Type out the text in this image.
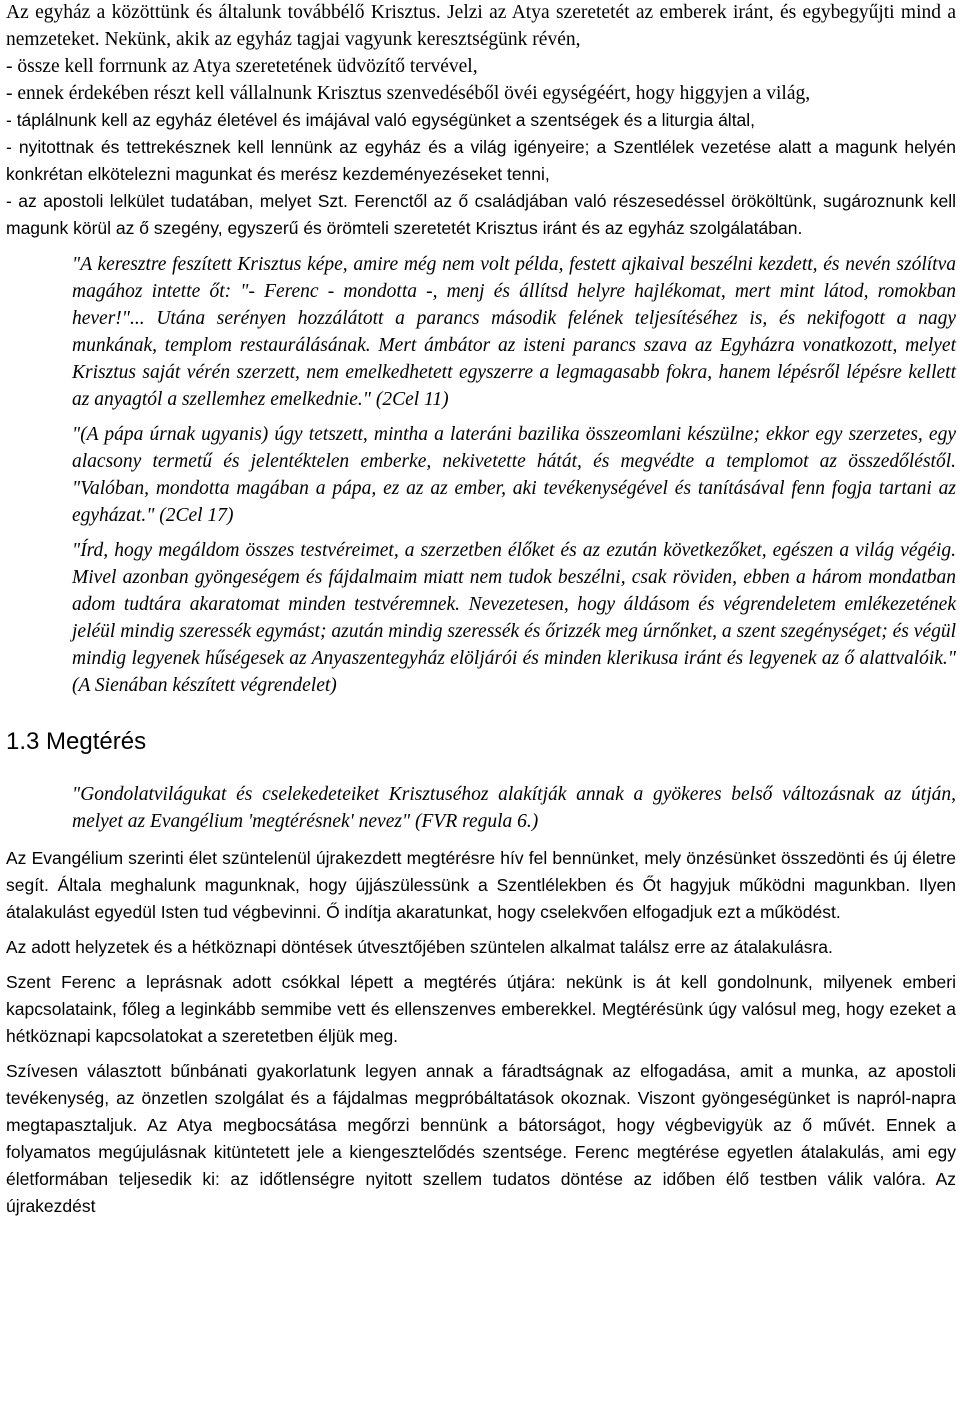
Az egyház a közöttünk és általunk továbbélő Krisztus. Jelzi az Atya szeretetét az emberek iránt, és egybegyűjti mind a nemzeteket. Nekünk, akik az egyház tagjai vagyunk keresztségünk révén,

- össze kell forrnunk az Atya szeretetének üdvözítő tervével,

- ennek érdekében részt kell vállalnunk Krisztus szenvedéséből övéi egységéért, hogy higgyjen a világ,

- táplálnunk kell az egyház életével és imájával való egységünket a szentségek és a liturgia által,

- nyitottnak és tettrekésznek kell lennünk az egyház és a világ igényeire; a Szentlélek vezetése alatt a magunk helyén konkrétan elkötelezni magunkat és merész kezdeményezéseket tenni,

- az apostoli lelkület tudatában, melyet Szt. Ferenctől az ő családjában való részesedéssel örököltünk, sugároznunk kell magunk körül az ő szegény, egyszerű és örömteli szeretetét Krisztus iránt és az egyház szolgálatában.

"A keresztre feszített Krisztus képe, amire még nem volt példa, festett ajkaival beszélni kezdett, és nevén szólítva magához intette őt: "- Ferenc - mondotta -, menj és állítsd helyre hajlékomat, mert mint látod, romokban hever!"... Utána serényen hozzálátott a parancs második felének teljesítéséhez is, és nekifogott a nagy munkának, templom restaurálásának. Mert ámbátor az isteni parancs szava az Egyházra vonatkozott, melyet Krisztus saját vérén szerzett, nem emelkedhetett egyszerre a legmagasabb fokra, hanem lépésről lépésre kellett az anyagtól a szellemhez emelkednie." (2Cel 11)

"(A pápa úrnak ugyanis) úgy tetszett, mintha a lateráni bazilika összeomlani készülne; ekkor egy szerzetes, egy alacsony termetű és jelentéktelen emberke, nekivetette hátát, és megvédte a templomot az összedőléstől. "Valóban, mondotta magában a pápa, ez az az ember, aki tevékenységével és tanításával fenn fogja tartani az egyházat." (2Cel 17)

"Írd, hogy megáldom összes testvéreimet, a szerzetben élőket és az ezután következőket, egészen a világ végéig. Mivel azonban gyöngeségem és fájdalmaim miatt nem tudok beszélni, csak röviden, ebben a három mondatban adom tudtára akaratomat minden testvéremnek. Nevezetesen, hogy áldásom és végrendeletem emlékezetének jeléül mindig szeressék egymást; azután mindig szeressék és őrizzék meg úrnőnket, a szent szegénységet; és végül mindig legyenek hűségesek az Anyaszentegyház elöljárói és minden klerikusa iránt és legyenek az ő alattvalóik." (A Sienában készített végrendelet)

1.3 Megtérés

"Gondolatvilágukat és cselekedeteiket Krisztuséhoz alakítják annak a gyökeres belső változásnak az útján, melyet az Evangélium 'megtérésnek' nevez" (FVR regula 6.)

Az Evangélium szerinti élet szüntelenül újrakezdett megtérésre hív fel bennünket, mely önzésünket összedönti és új életre segít. Általa meghalunk magunknak, hogy újjászülessünk a Szentlélekben és Őt hagyjuk működni magunkban. Ilyen átalakulást egyedül Isten tud végbevinni. Ő indítja akaratunkat, hogy cselekvően elfogadjuk ezt a működést.

Az adott helyzetek és a hétköznapi döntések útvesztőjében szüntelen alkalmat találsz erre az átalakulásra.

Szent Ferenc a leprásnak adott csókkal lépett a megtérés útjára: nekünk is át kell gondolnunk, milyenek emberi kapcsolataink, főleg a leginkább semmibe vett és ellenszenves emberekkel. Megtérésünk úgy valósul meg, hogy ezeket a hétköznapi kapcsolatokat a szeretetben éljük meg.

Szívesen választott bűnbánati gyakorlatunk legyen annak a fáradtságnak az elfogadása, amit a munka, az apostoli tevékenység, az önzetlen szolgálat és a fájdalmas megpróbáltatások okoznak. Viszont gyöngeségünket is napról-napra megtapasztaljuk. Az Atya megbocsátása megőrzi bennünk a bátorságot, hogy végbevigyük az ő művét. Ennek a folyamatos megújulásnak kitüntetett jele a kiengesztelődés szentsége. Ferenc megtérése egyetlen átalakulás, ami egy életformában teljesedik ki: az időtlenségre nyitott szellem tudatos döntése az időben élő testben válik valóra. Az újrakezdést
